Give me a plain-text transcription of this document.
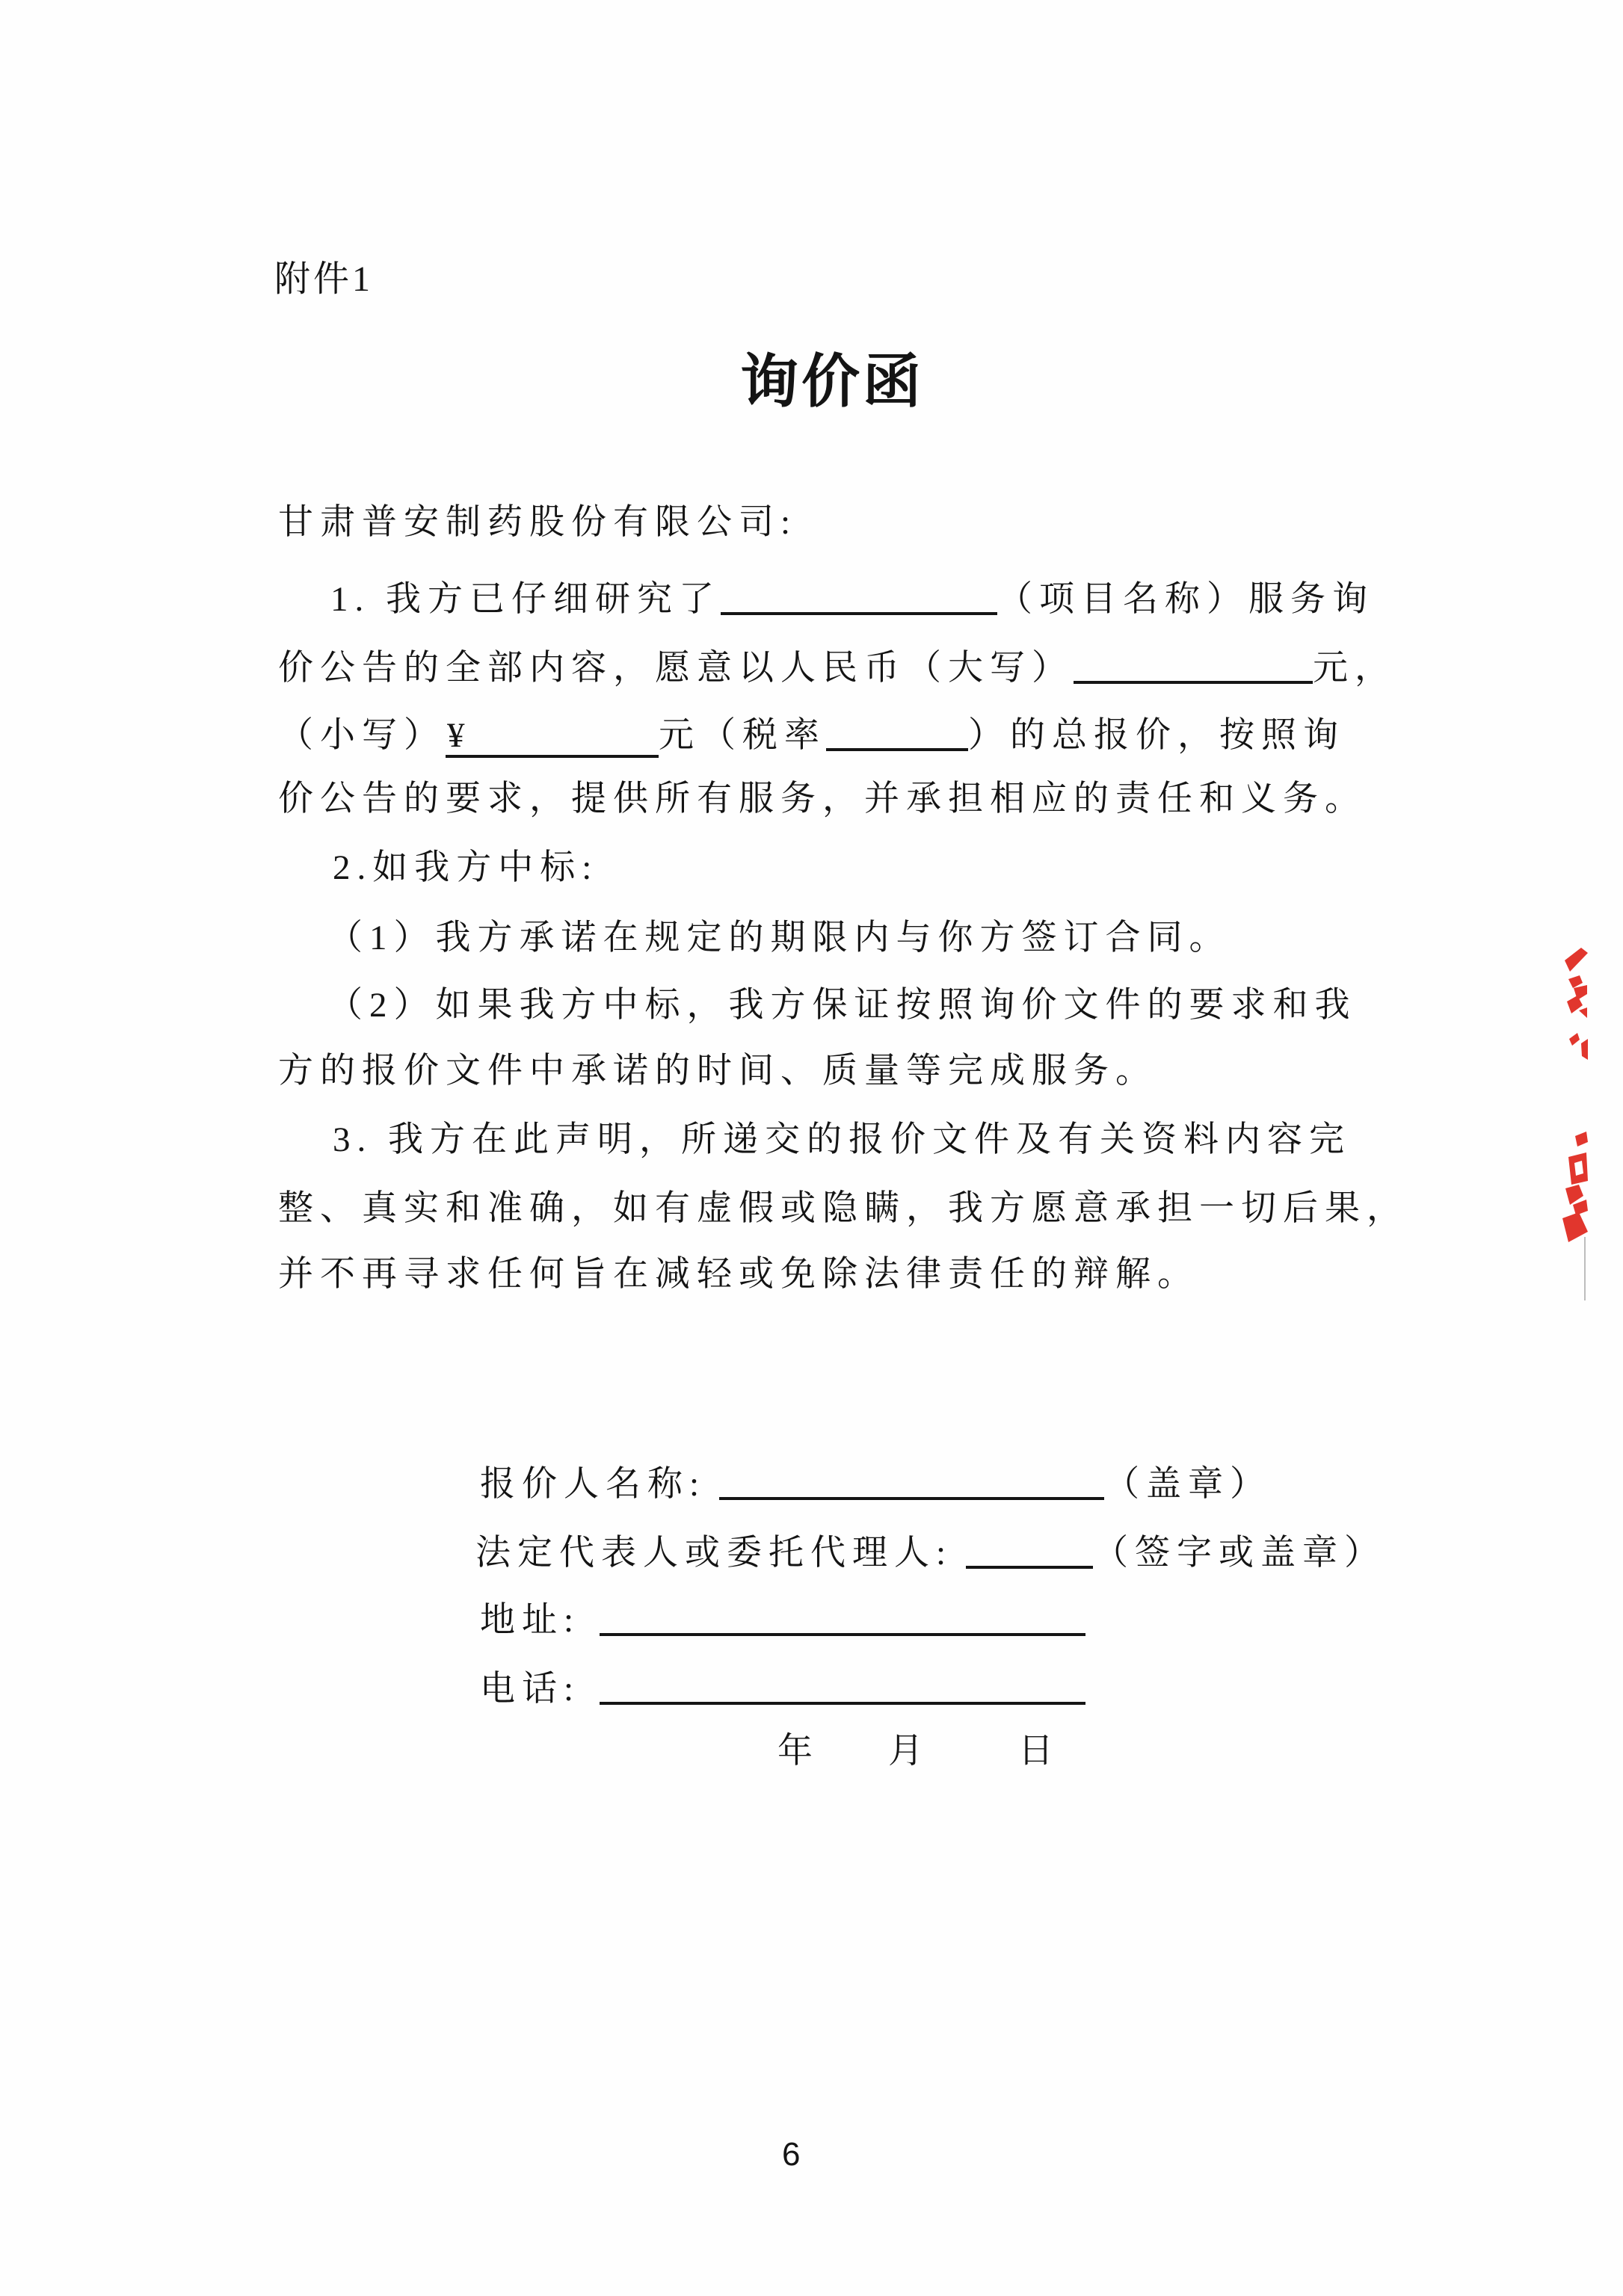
附件1
询价函
甘肃普安制药股份有限公司:
1. 我方已仔细研究了	（项目名称）服务询
价公告的全部内容，愿意以人民币（大写）	元，
（小写）¥	元（税率	）的总报价，按照询
价公告的要求，提供所有服务，并承担相应的责任和义务。
2.如我方中标:
（1）我方承诺在规定的期限内与你方签订合同。
（2）如果我方中标，我方保证按照询价文件的要求和我
方的报价文件中承诺的时间、质量等完成服务。
3. 我方在此声明，所递交的报价文件及有关资料内容完
整、真实和准确，如有虚假或隐瞒，我方愿意承担一切后果，
并不再寻求任何旨在减轻或免除法律责任的辩解。
报价人名称:	（盖章）
法定代表人或委托代理人:	（签字或盖章）
地址:
电话:
年 月	日
6
